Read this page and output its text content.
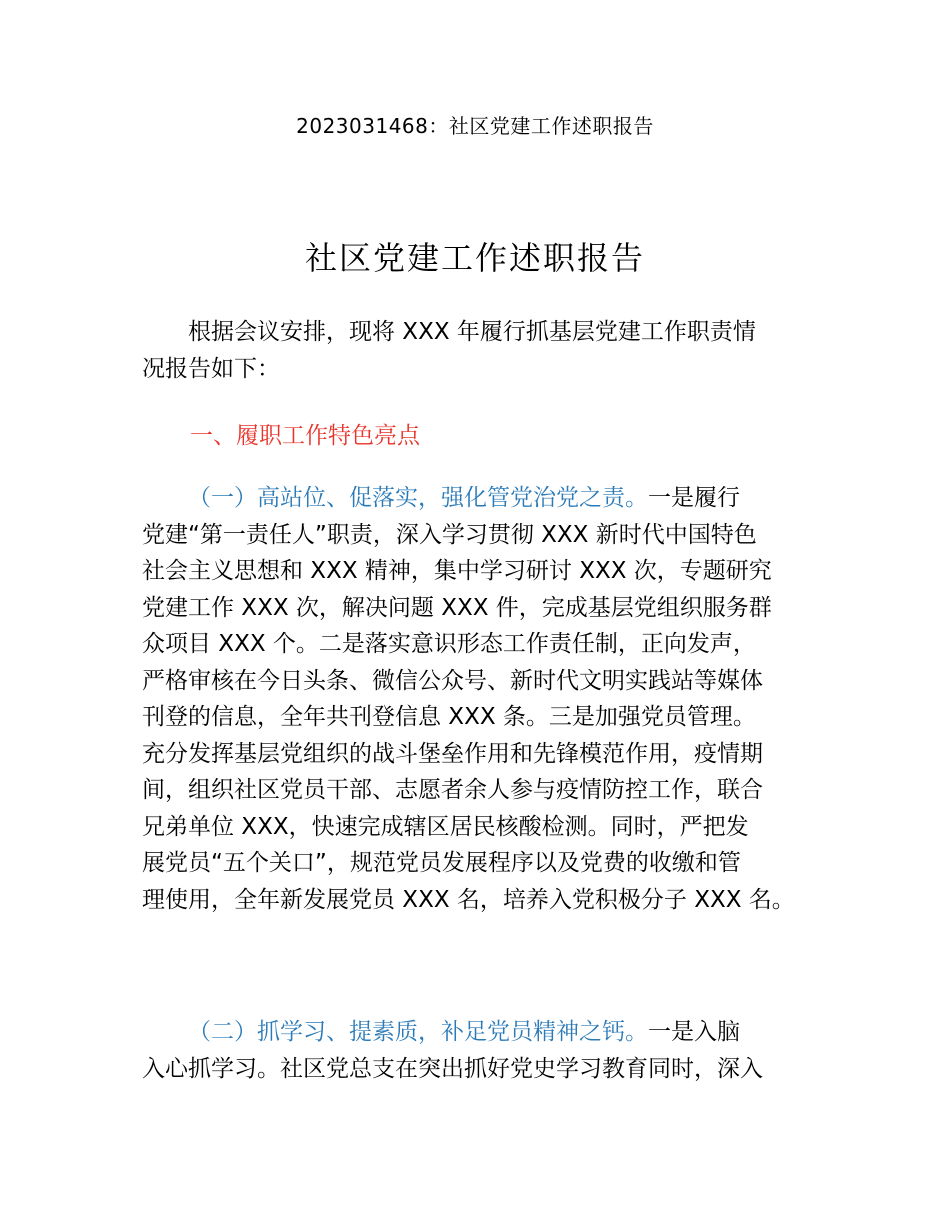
2023031468：社区党建工作述职报告
社区党建工作述职报告
根据会议安排，现将 XXX 年履行抓基层党建工作职责情
况报告如下：
一、履职工作特色亮点
（一）高站位、促落实，强化管党治党之责。一是履行
党建“第一责任人”职责，深入学习贯彻 XXX 新时代中国特色
社会主义思想和 XXX 精神，集中学习研讨 XXX 次，专题研究
党建工作 XXX 次，解决问题 XXX 件，完成基层党组织服务群
众项目 XXX 个。二是落实意识形态工作责任制，正向发声，
严格审核在今日头条、微信公众号、新时代文明实践站等媒体
刊登的信息，全年共刊登信息 XXX 条。三是加强党员管理。
充分发挥基层党组织的战斗堡垒作用和先锋模范作用，疫情期
间，组织社区党员干部、志愿者余人参与疫情防控工作，联合
兄弟单位 XXX，快速完成辖区居民核酸检测。同时，严把发
展党员“五个关口”，规范党员发展程序以及党费的收缴和管
理使用，全年新发展党员 XXX 名，培养入党积极分子 XXX 名。
（二）抓学习、提素质，补足党员精神之钙。一是入脑
入心抓学习。社区党总支在突出抓好党史学习教育同时，深入
